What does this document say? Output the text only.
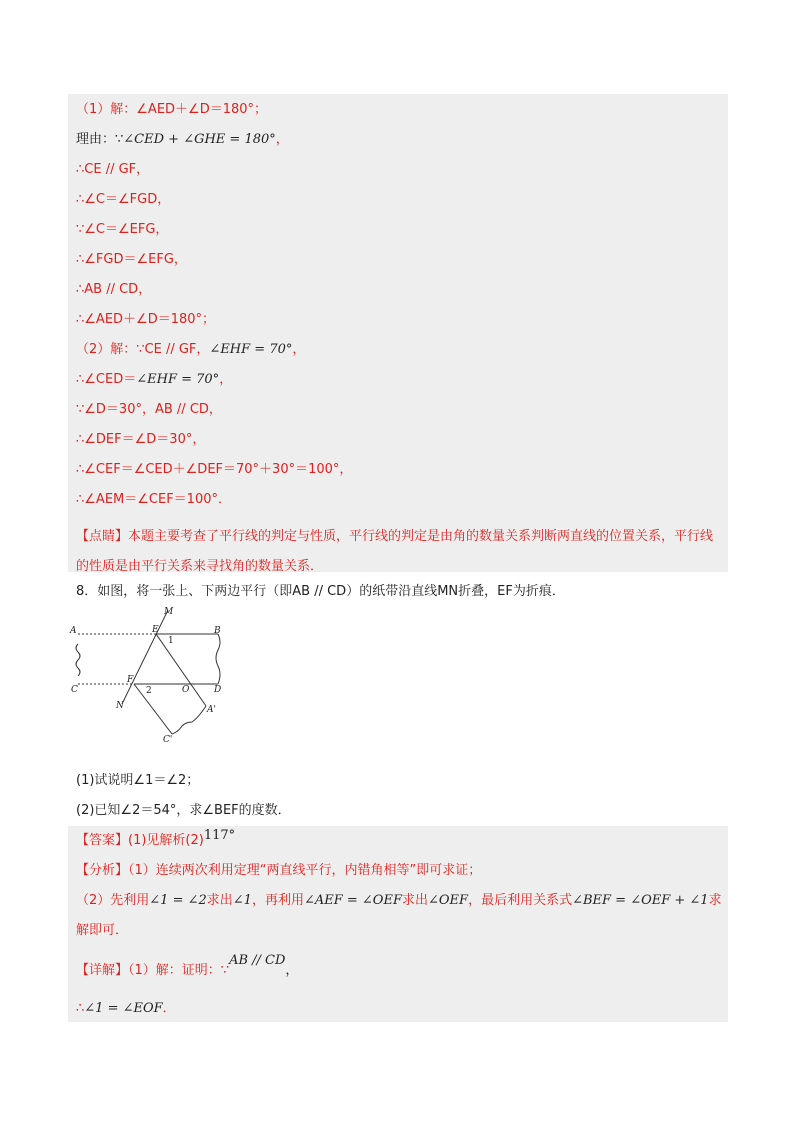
（1）解：∠AED＋∠D＝180°；
理由：∵∠CED + ∠GHE = 180°，
∴CE // GF，
∴∠C＝∠FGD，
∵∠C＝∠EFG，
∴∠FGD＝∠EFG，
∴AB // CD，
∴∠AED＋∠D＝180°；
（2）解：∵CE // GF，∠EHF = 70°，
∴∠CED＝∠EHF = 70°，
∵∠D＝30°，AB // CD，
∴∠DEF＝∠D＝30°，
∴∠CEF＝∠CED＋∠DEF＝70°＋30°＝100°，
∴∠AEM＝∠CEF＝100°．
【点睛】本题主要考查了平行线的判定与性质，平行线的判定是由角的数量关系判断两直线的位置关系，平行线的性质是由平行关系来寻找角的数量关系．
8．如图，将一张上、下两边平行（即AB // CD）的纸带沿直线MN折叠，EF为折痕．
M
A	E
1
B
C
F
2	O	D
N	A'
C'
(1)试说明∠1＝∠2；
(2)已知∠2＝54°，求∠BEF的度数．
【答案】(1)见解析(2)117°
【分析】（1）连续两次利用定理“两直线平行，内错角相等”即可求证；
（2）先利用∠1 = ∠2求出∠1，再利用∠AEF = ∠OEF求出∠OEF，最后利用关系式∠BEF = ∠OEF + ∠1求
解即可．
【详解】（1）解：证明：∵AB // CD，
∴∠1 = ∠EOF．
